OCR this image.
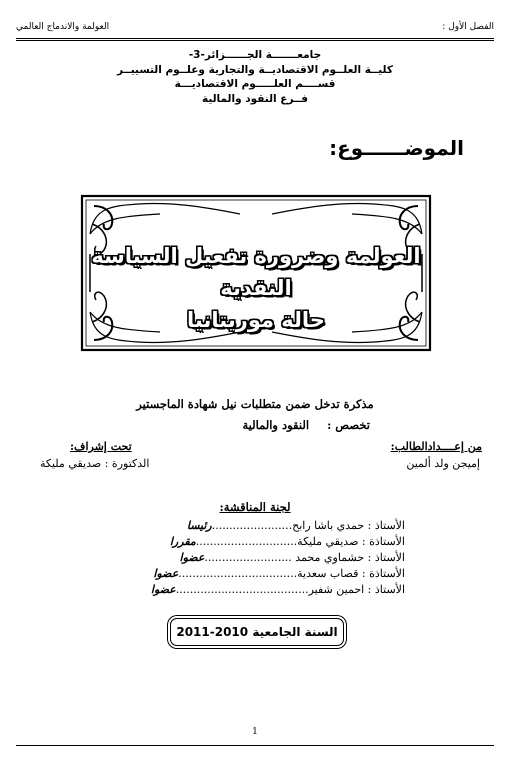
الفصل الأول :
العولمة والاندماج العالمي
جامعـــــــة الجــــــزائر-3-
كليــة العلــوم الاقتصاديــة والتجارية وعلــوم التسييــر
قســــم العلـــــوم الاقتصاديـــة
فــرع النقود والمالية
الموضــــــوع:
العولمة وضرورة تفعيل السياسة النقدية
حالة موريتانيا
مذكرة تدخل ضمن متطلبات نيل شهادة الماجستير
تخصص : النقود والمالية
من إعــــدادالطالب:
تحت إشراف:
إميجن ولد ألمين
الدكتورة : صديقي مليكة
لجنة المناقشة:
الأستاذ : حمدي باشا رابح.......................رئيسا
الأستاذة : صديقي مليكة.............................مقررا
الأستاذ : حشماوي محمد .........................عضوا
الأستاذة : قصاب سعدية..................................عضوا
الأستاذ : احمين شفير......................................عضوا
السنة الجامعية 2010-2011
1
